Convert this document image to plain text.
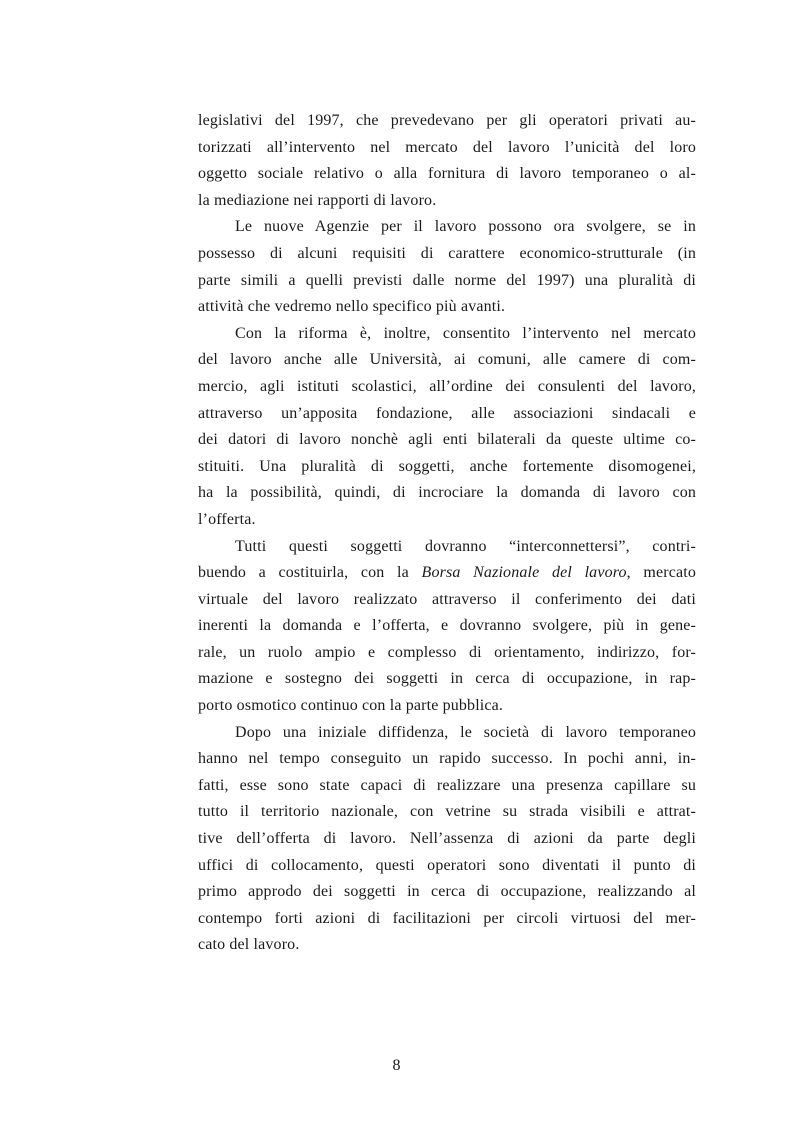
legislativi del 1997, che prevedevano per gli operatori privati au-
torizzati all’intervento nel mercato del lavoro l’unicità del loro
oggetto sociale relativo o alla fornitura di lavoro temporaneo o al-
la mediazione nei rapporti di lavoro.
Le nuove Agenzie per il lavoro possono ora svolgere, se in
possesso di alcuni requisiti di carattere economico-strutturale (in
parte simili a quelli previsti dalle norme del 1997) una pluralità di
attività che vedremo nello specifico più avanti.
Con la riforma è, inoltre, consentito l’intervento nel mercato
del lavoro anche alle Università, ai comuni, alle camere di com-
mercio, agli istituti scolastici, all’ordine dei consulenti del lavoro,
attraverso un’apposita fondazione, alle associazioni sindacali e
dei datori di lavoro nonchè agli enti bilaterali da queste ultime co-
stituiti. Una pluralità di soggetti, anche fortemente disomogenei,
ha la possibilità, quindi, di incrociare la domanda di lavoro con
l’offerta.
Tutti questi soggetti dovranno “interconnettersi”, contri-
buendo a costituirla, con la Borsa Nazionale del lavoro, mercato
virtuale del lavoro realizzato attraverso il conferimento dei dati
inerenti la domanda e l’offerta, e dovranno svolgere, più in gene-
rale, un ruolo ampio e complesso di orientamento, indirizzo, for-
mazione e sostegno dei soggetti in cerca di occupazione, in rap-
porto osmotico continuo con la parte pubblica.
Dopo una iniziale diffidenza, le società di lavoro temporaneo
hanno nel tempo conseguito un rapido successo. In pochi anni, in-
fatti, esse sono state capaci di realizzare una presenza capillare su
tutto il territorio nazionale, con vetrine su strada visibili e attrat-
tive dell’offerta di lavoro. Nell’assenza di azioni da parte degli
uffici di collocamento, questi operatori sono diventati il punto di
primo approdo dei soggetti in cerca di occupazione, realizzando al
contempo forti azioni di facilitazioni per circoli virtuosi del mer-
cato del lavoro.
8
